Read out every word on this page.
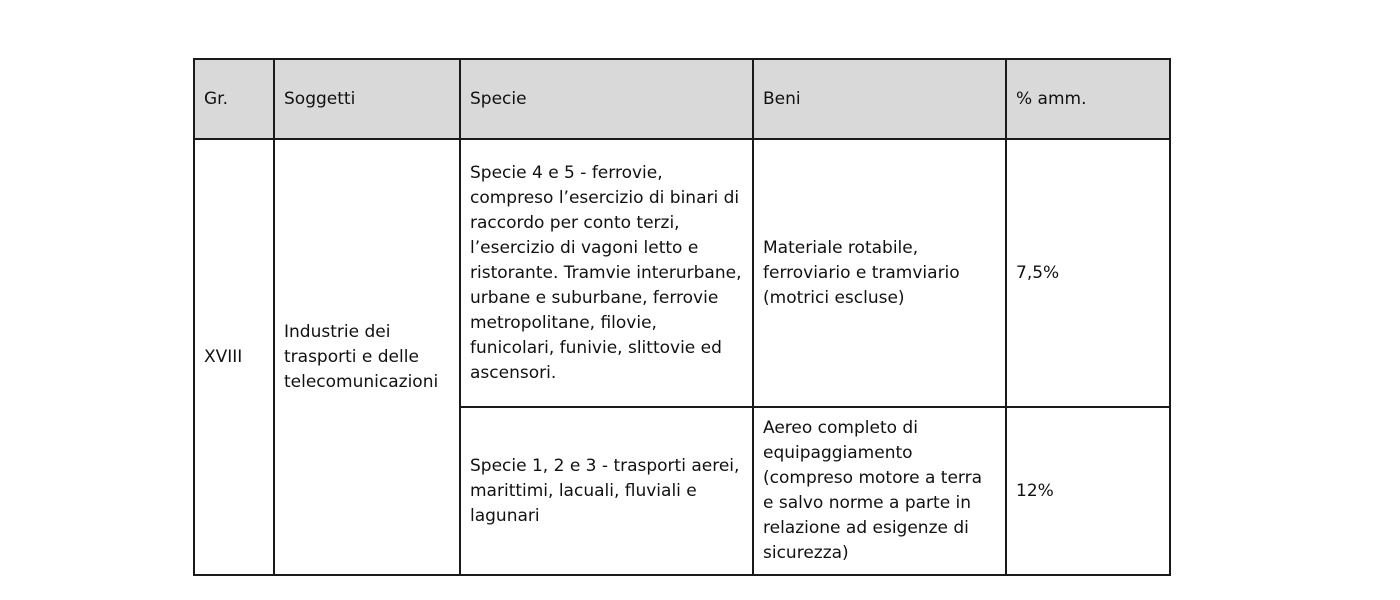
Gr.	Soggetti	Specie	Beni	% amm.
XVIII	Industrie dei trasporti e delle telecomunicazioni	Specie 4 e 5 - ferrovie, compreso l’esercizio di binari di raccordo per conto terzi, l’esercizio di vagoni letto e ristorante. Tramvie interurbane, urbane e suburbane, ferrovie metropolitane, filovie, funicolari, funivie, slittovie ed ascensori.	Materiale rotabile, ferroviario e tramviario (motrici escluse)	7,5%
		Specie 1, 2 e 3 - trasporti aerei, marittimi, lacuali, fluviali e lagunari	Aereo completo di equipaggiamento (compreso motore a terra e salvo norme a parte in relazione ad esigenze di sicurezza)	12%
